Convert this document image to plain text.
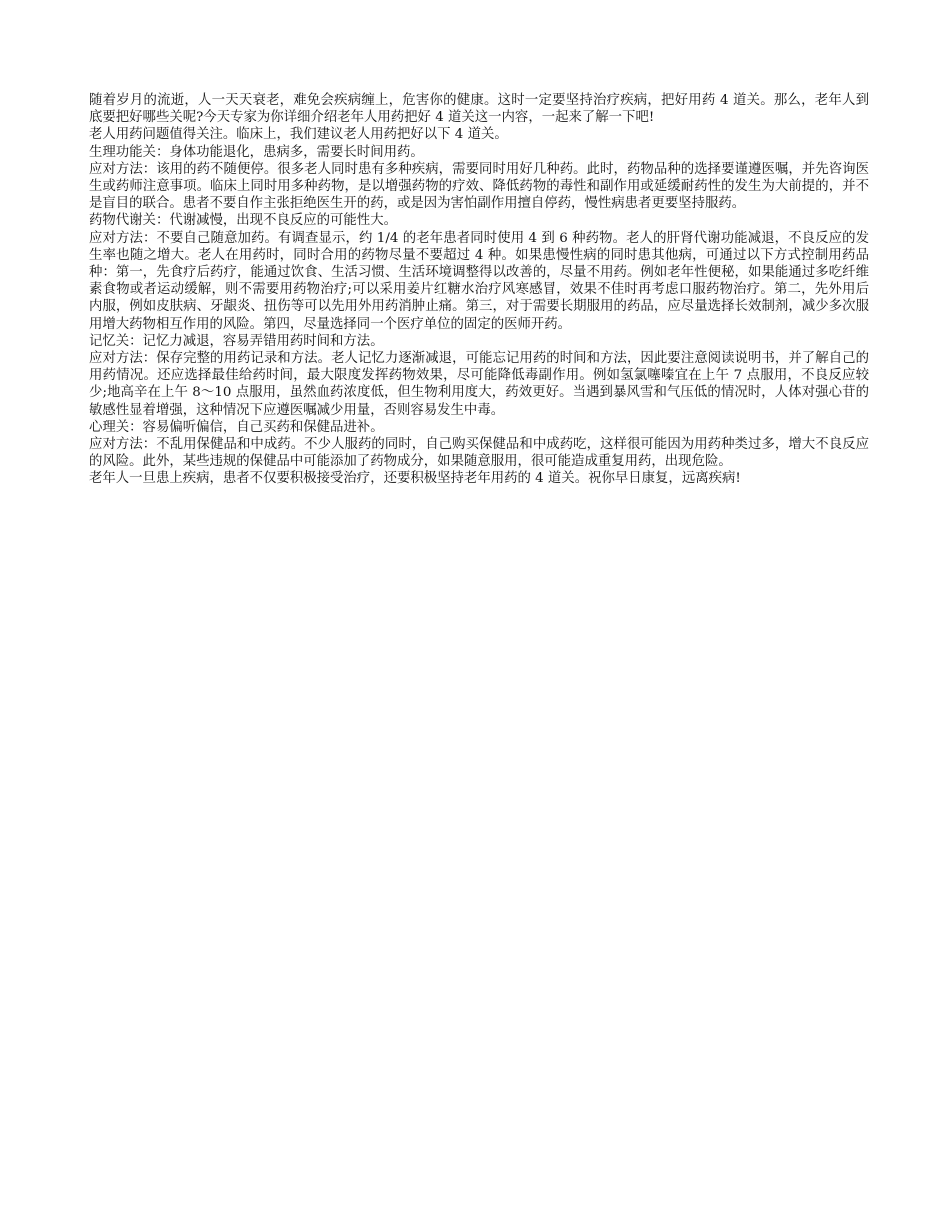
随着岁月的流逝，人一天天衰老，难免会疾病缠上，危害你的健康。这时一定要坚持治疗疾病，把好用药 4 道关。那么，老年人到底要把好哪些关呢?今天专家为你详细介绍老年人用药把好 4 道关这一内容，一起来了解一下吧!

老人用药问题值得关注。临床上，我们建议老人用药把好以下 4 道关。

生理功能关：身体功能退化，患病多，需要长时间用药。

应对方法：该用的药不随便停。很多老人同时患有多种疾病，需要同时用好几种药。此时，药物品种的选择要谨遵医嘱，并先咨询医生或药师注意事项。临床上同时用多种药物，是以增强药物的疗效、降低药物的毒性和副作用或延缓耐药性的发生为大前提的，并不是盲目的联合。患者不要自作主张拒绝医生开的药，或是因为害怕副作用擅自停药，慢性病患者更要坚持服药。

药物代谢关：代谢减慢，出现不良反应的可能性大。

应对方法：不要自己随意加药。有调查显示，约 1/4 的老年患者同时使用 4 到 6 种药物。老人的肝肾代谢功能减退，不良反应的发生率也随之增大。老人在用药时，同时合用的药物尽量不要超过 4 种。如果患慢性病的同时患其他病，可通过以下方式控制用药品种：第一，先食疗后药疗，能通过饮食、生活习惯、生活环境调整得以改善的，尽量不用药。例如老年性便秘，如果能通过多吃纤维素食物或者运动缓解，则不需要用药物治疗;可以采用姜片红糖水治疗风寒感冒，效果不佳时再考虑口服药物治疗。第二，先外用后内服，例如皮肤病、牙龈炎、扭伤等可以先用外用药消肿止痛。第三，对于需要长期服用的药品，应尽量选择长效制剂，减少多次服用增大药物相互作用的风险。第四，尽量选择同一个医疗单位的固定的医师开药。

记忆关：记忆力减退，容易弄错用药时间和方法。

应对方法：保存完整的用药记录和方法。老人记忆力逐渐减退，可能忘记用药的时间和方法，因此要注意阅读说明书，并了解自己的用药情况。还应选择最佳给药时间，最大限度发挥药物效果，尽可能降低毒副作用。例如氢氯噻嗪宜在上午 7 点服用，不良反应较少;地高辛在上午 8～10 点服用，虽然血药浓度低，但生物利用度大，药效更好。当遇到暴风雪和气压低的情况时，人体对强心苷的敏感性显着增强，这种情况下应遵医嘱减少用量，否则容易发生中毒。

心理关：容易偏听偏信，自己买药和保健品进补。

应对方法：不乱用保健品和中成药。不少人服药的同时，自己购买保健品和中成药吃，这样很可能因为用药种类过多，增大不良反应的风险。此外，某些违规的保健品中可能添加了药物成分，如果随意服用，很可能造成重复用药，出现危险。

老年人一旦患上疾病，患者不仅要积极接受治疗，还要积极坚持老年用药的 4 道关。祝你早日康复，远离疾病!
